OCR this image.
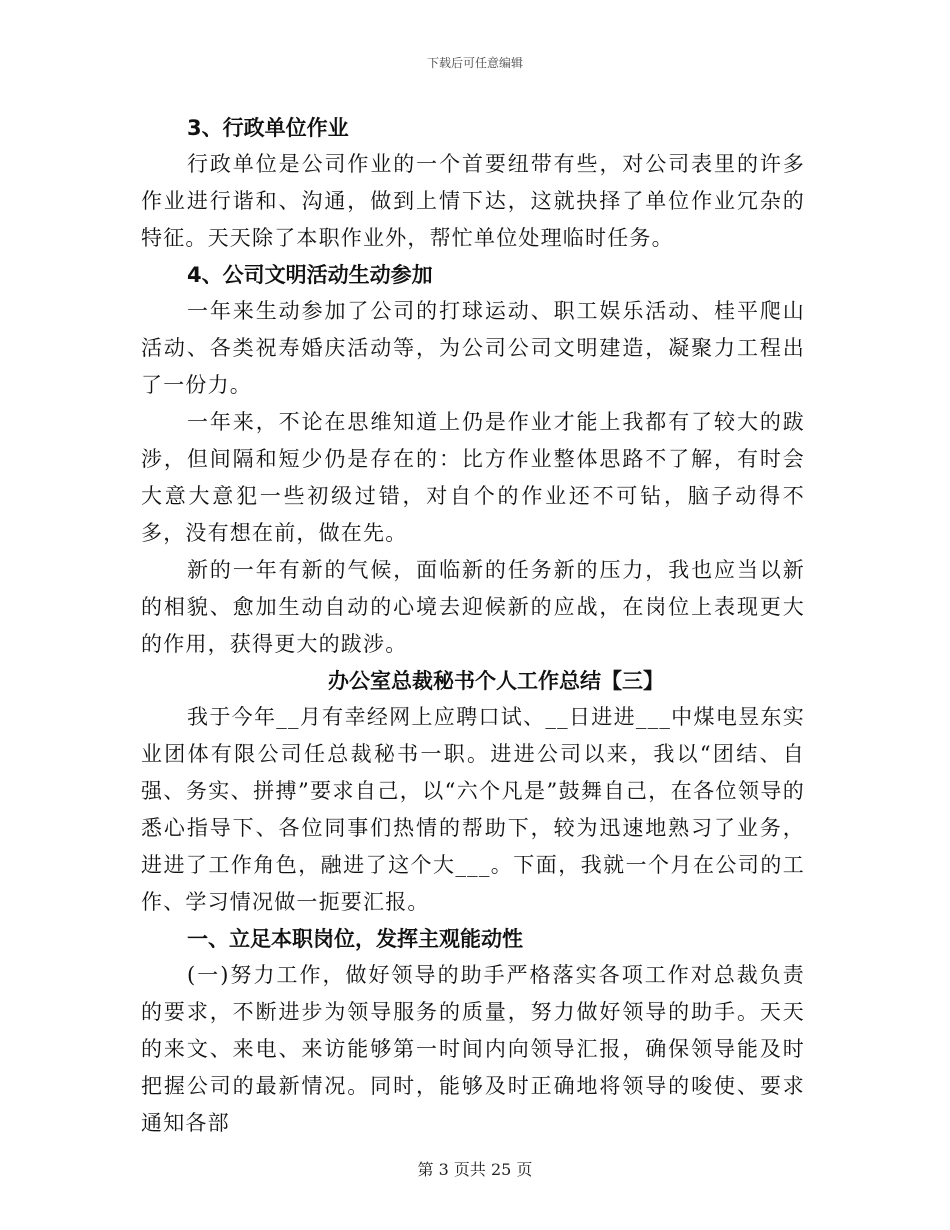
下载后可任意编辑

3、行政单位作业

行政单位是公司作业的一个首要纽带有些，对公司表里的许多作业进行谐和、沟通，做到上情下达，这就抉择了单位作业冗杂的特征。天天除了本职作业外，帮忙单位处理临时任务。

4、公司文明活动生动参加

一年来生动参加了公司的打球运动、职工娱乐活动、桂平爬山活动、各类祝寿婚庆活动等，为公司公司文明建造，凝聚力工程出了一份力。

一年来，不论在思维知道上仍是作业才能上我都有了较大的跋涉，但间隔和短少仍是存在的：比方作业整体思路不了解，有时会大意大意犯一些初级过错，对自个的作业还不可钻，脑子动得不多，没有想在前，做在先。

新的一年有新的气候，面临新的任务新的压力，我也应当以新的相貌、愈加生动自动的心境去迎候新的应战，在岗位上表现更大的作用，获得更大的跋涉。

办公室总裁秘书个人工作总结【三】

我于今年__月有幸经网上应聘口试、__日进进___中煤电昱东实业团体有限公司任总裁秘书一职。进进公司以来，我以“团结、自强、务实、拼搏”要求自己，以“六个凡是”鼓舞自己，在各位领导的悉心指导下、各位同事们热情的帮助下，较为迅速地熟习了业务，进进了工作角色，融进了这个大___。下面，我就一个月在公司的工作、学习情况做一扼要汇报。

一、立足本职岗位，发挥主观能动性

(一)努力工作，做好领导的助手严格落实各项工作对总裁负责的要求，不断进步为领导服务的质量，努力做好领导的助手。天天的来文、来电、来访能够第一时间内向领导汇报，确保领导能及时把握公司的最新情况。同时，能够及时正确地将领导的唆使、要求通知各部

第 3 页共 25 页
